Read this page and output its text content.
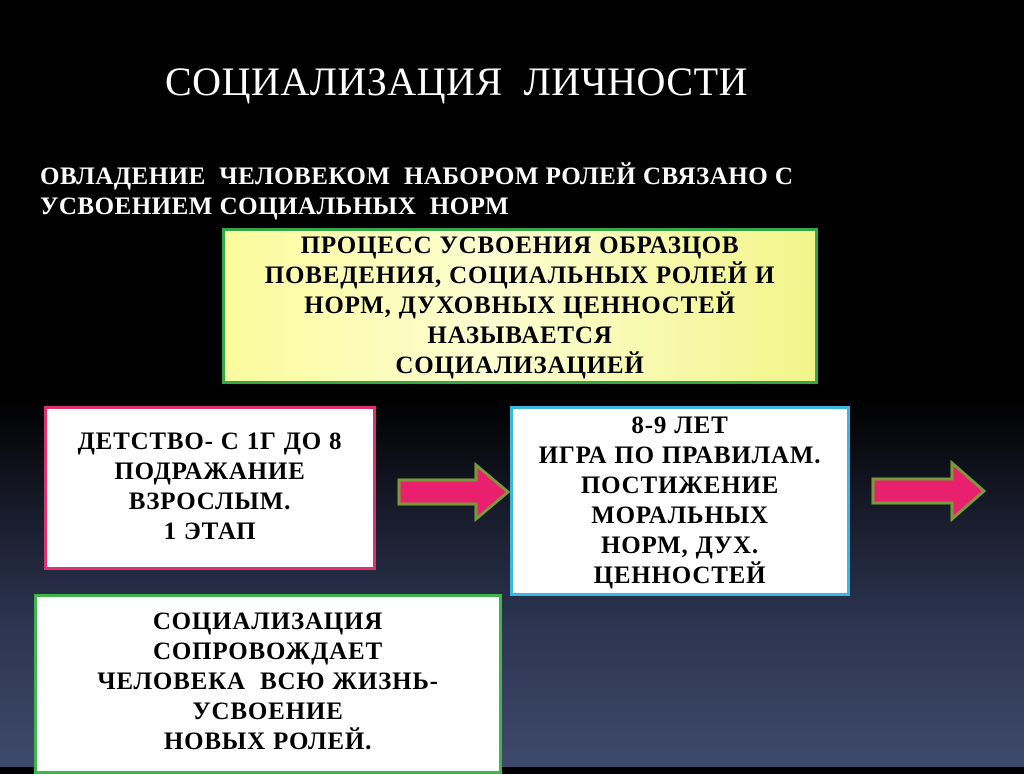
СОЦИАЛИЗАЦИЯ  ЛИЧНОСТИ
ОВЛАДЕНИЕ  ЧЕЛОВЕКОМ  НАБОРОМ РОЛЕЙ СВЯЗАНО С
УСВОЕНИЕМ СОЦИАЛЬНЫХ  НОРМ
ПРОЦЕСС УСВОЕНИЯ ОБРАЗЦОВ
ПОВЕДЕНИЯ, СОЦИАЛЬНЫХ РОЛЕЙ И
НОРМ, ДУХОВНЫХ ЦЕННОСТЕЙ
НАЗЫВАЕТСЯ
СОЦИАЛИЗАЦИЕЙ
ДЕТСТВО- С 1Г ДО 8
ПОДРАЖАНИЕ
ВЗРОСЛЫМ.
1 ЭТАП
8-9 ЛЕТ
ИГРА ПО ПРАВИЛАМ.
ПОСТИЖЕНИЕ
МОРАЛЬНЫХ
НОРМ, ДУХ.
ЦЕННОСТЕЙ
СОЦИАЛИЗАЦИЯ
СОПРОВОЖДАЕТ
ЧЕЛОВЕКА  ВСЮ ЖИЗНЬ-
УСВОЕНИЕ
НОВЫХ РОЛЕЙ.
